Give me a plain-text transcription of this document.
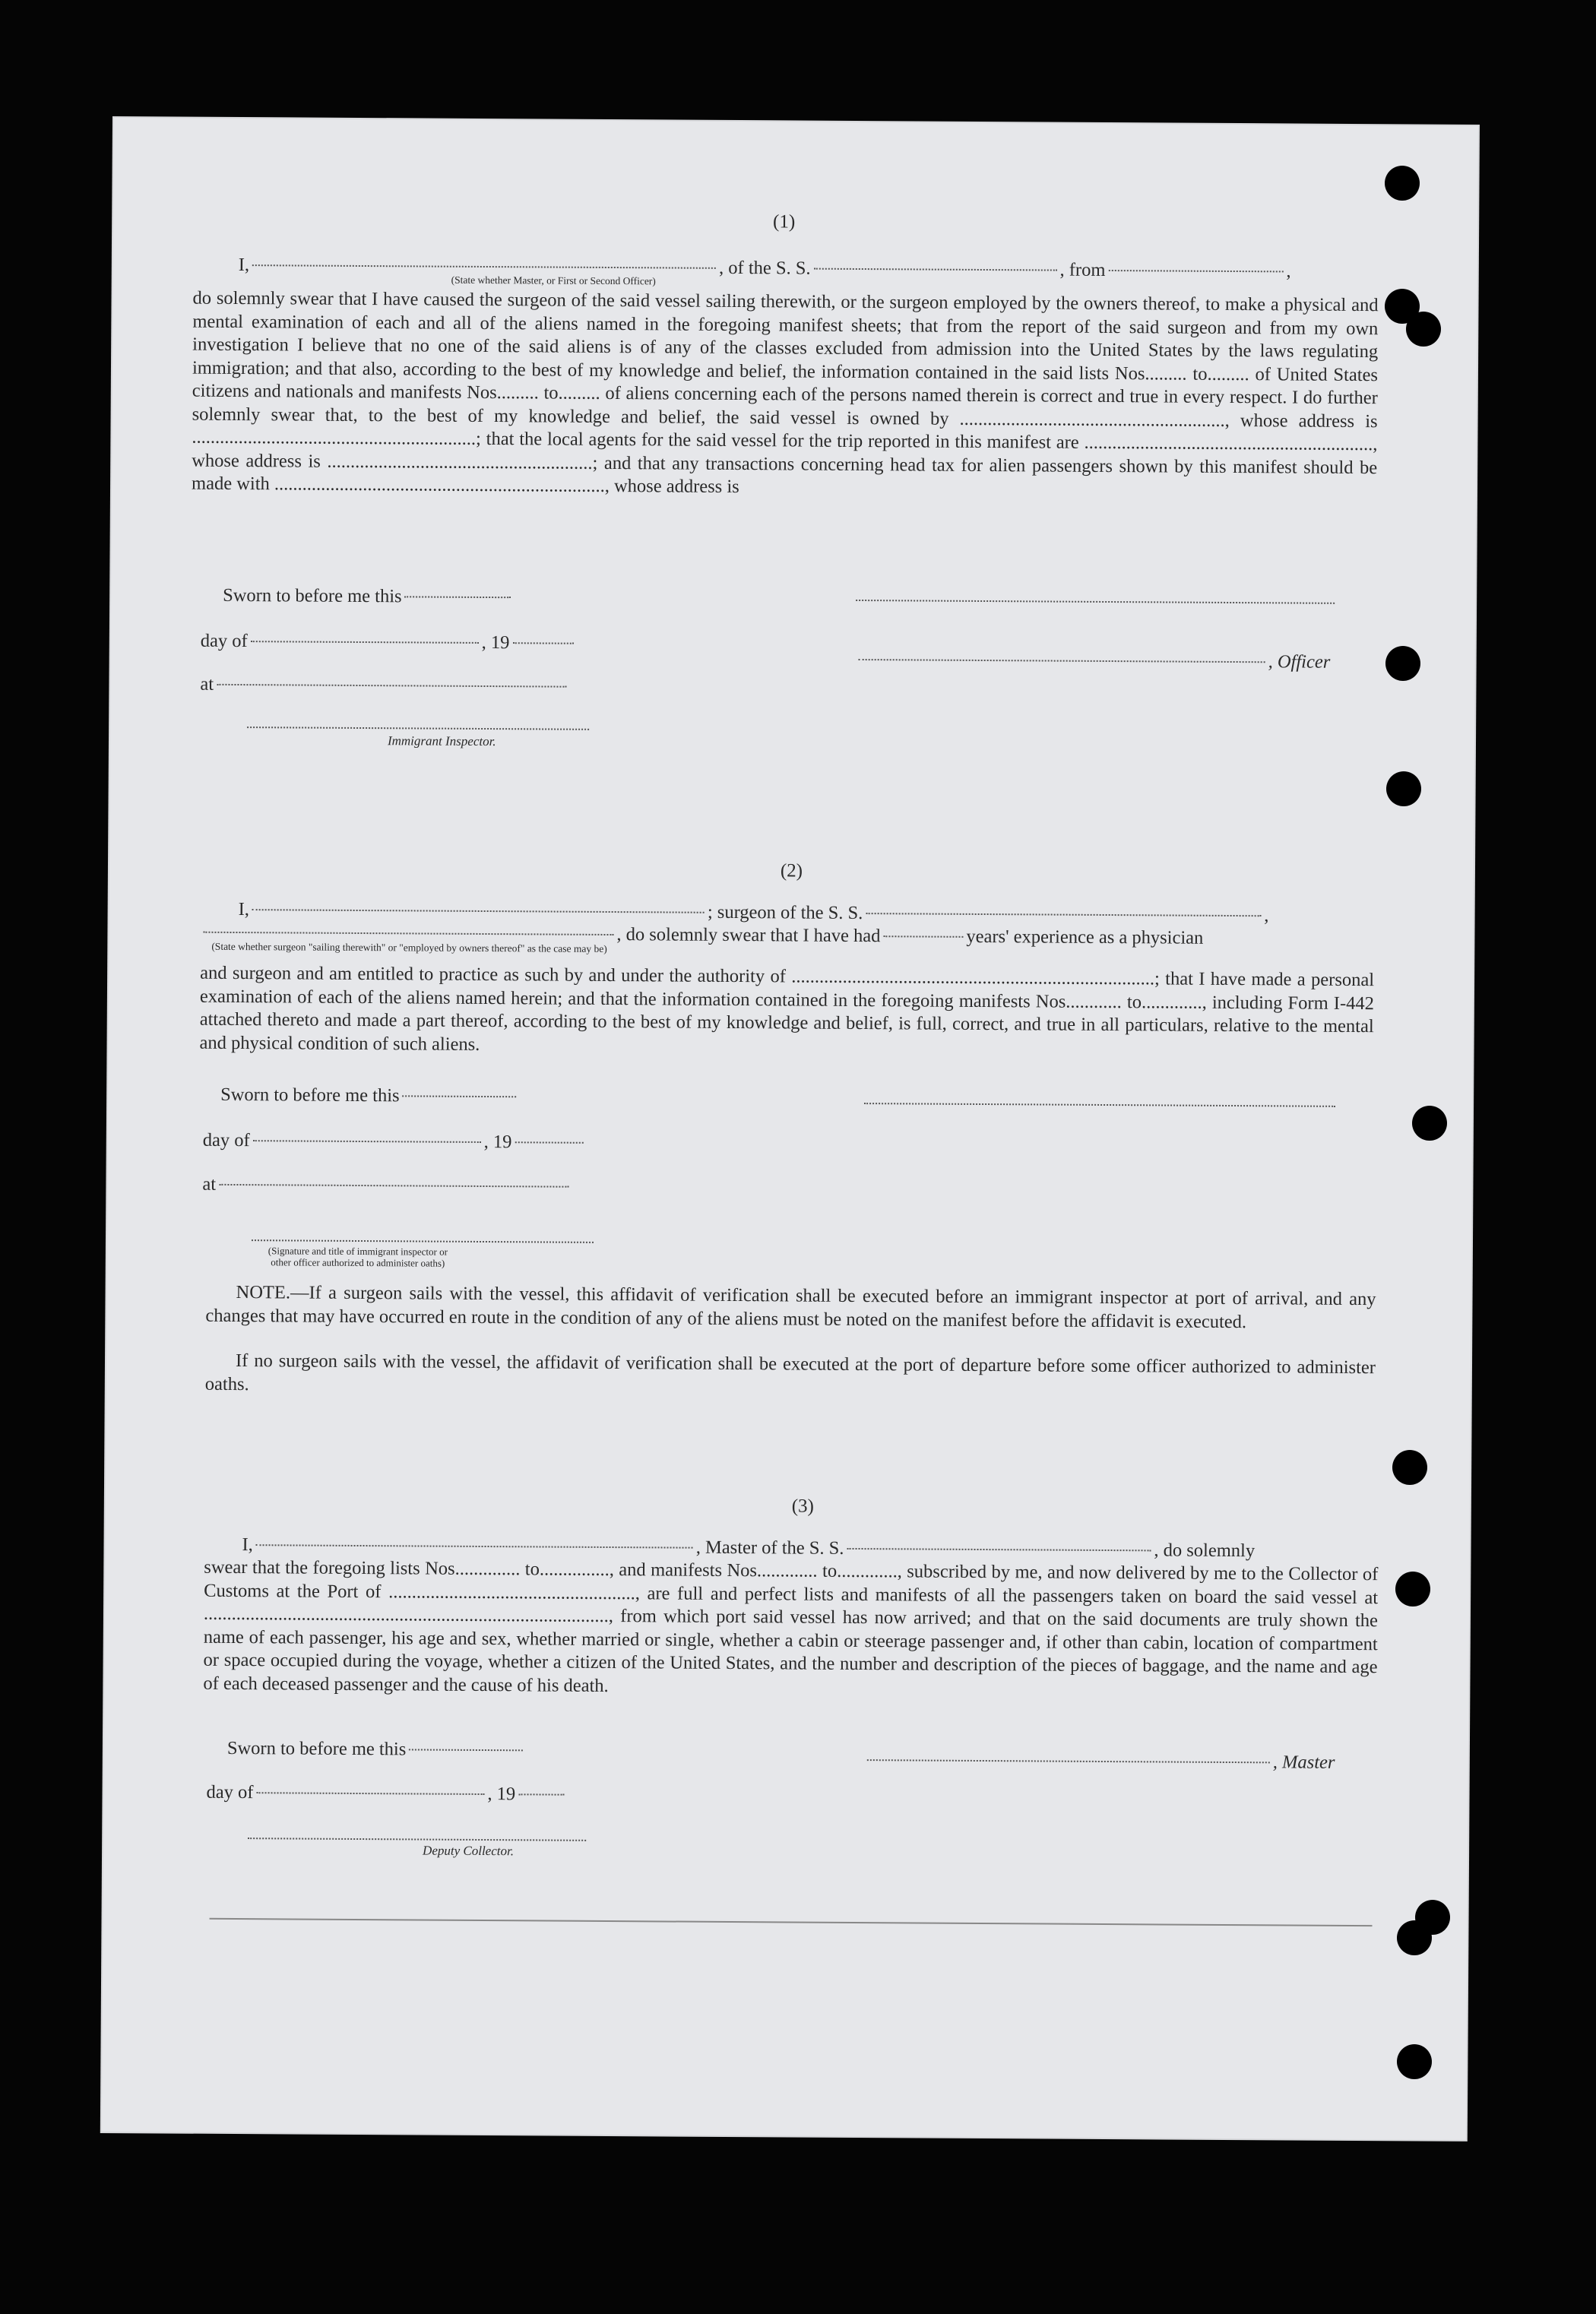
(1)
I,	, of the S. S.	, from	,
(State whether Master, or First or Second Officer)
do solemnly swear that I have caused the surgeon of the said vessel sailing therewith, or the surgeon employed by the owners thereof, to make a physical and mental examination of each and all of the aliens named in the foregoing manifest sheets; that from the report of the said surgeon and from my own investigation I believe that no one of the said aliens is of any of the classes excluded from admission into the United States by the laws regulating immigration; and that also, according to the best of my knowledge and belief, the information contained in the said lists Nos......... to......... of United States citizens and nationals and manifests Nos......... to......... of aliens concerning each of the persons named therein is correct and true in every respect. I do further solemnly swear that, to the best of my knowledge and belief, the said vessel is owned by ........................................................., whose address is .............................................................; that the local agents for the said vessel for the trip reported in this manifest are .............................................................., whose address is .........................................................; and that any transactions concerning head tax for alien passengers shown by this manifest should be made with ......................................................................., whose address is
Sworn to before me this
day of	, 19
, Officer
at
Immigrant Inspector.
(2)
I,	; surgeon of the S. S.	,
, do solemnly swear that I have had	years' experience as a physician
(State whether surgeon "sailing therewith" or "employed by owners thereof" as the case may be)
and surgeon and am entitled to practice as such by and under the authority of ..............................................................................; that I have made a personal examination of each of the aliens named herein; and that the information contained in the foregoing manifests Nos............ to............., including Form I-442 attached thereto and made a part thereof, according to the best of my knowledge and belief, is full, correct, and true in all particulars, relative to the mental and physical condition of such aliens.
Sworn to before me this
day of	, 19
at
(Signature and title of immigrant inspector or other officer authorized to administer oaths)
NOTE.—If a surgeon sails with the vessel, this affidavit of verification shall be executed before an immigrant inspector at port of arrival, and any changes that may have occurred en route in the condition of any of the aliens must be noted on the manifest before the affidavit is executed.
If no surgeon sails with the vessel, the affidavit of verification shall be executed at the port of departure before some officer authorized to administer oaths.
(3)
I,	, Master of the S. S.	, do solemnly
swear that the foregoing lists Nos.............. to..............., and manifests Nos............. to............., subscribed by me, and now delivered by me to the Collector of Customs at the Port of ....................................................., are full and perfect lists and manifests of all the passengers taken on board the said vessel at ......................................................................................., from which port said vessel has now arrived; and that on the said documents are truly shown the name of each passenger, his age and sex, whether married or single, whether a cabin or steerage passenger and, if other than cabin, location of compartment or space occupied during the voyage, whether a citizen of the United States, and the number and description of the pieces of baggage, and the name and age of each deceased passenger and the cause of his death.
Sworn to before me this
, Master
day of	, 19
Deputy Collector.
